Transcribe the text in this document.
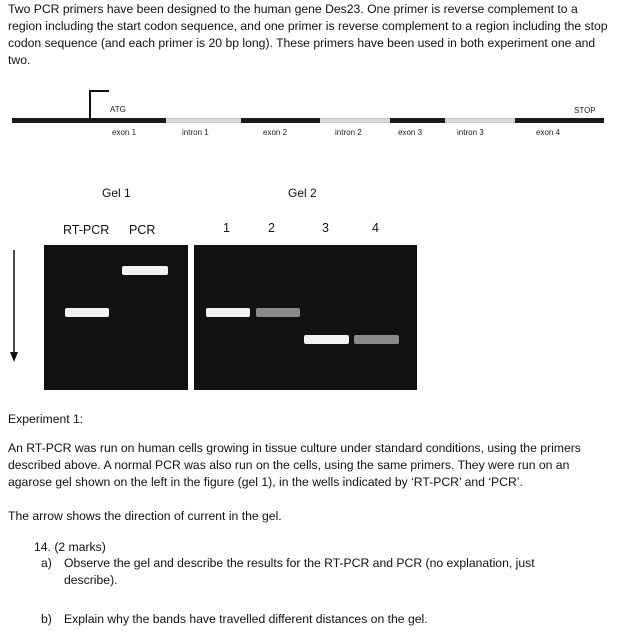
Two PCR primers have been designed to the human gene Des23. One primer is reverse complement to a region including the start codon sequence, and one primer is reverse complement to a region including the stop codon sequence (and each primer is 20 bp long). These primers have been used in both experiment one and two.

ATG	STOP
exon 1	intron 1	exon 2	intron 2	exon 3	intron 3	exon 4
Gel 1	Gel 2
RT-PCR PCR	1	2	3	4
Experiment 1:

An RT-PCR was run on human cells growing in tissue culture under standard conditions, using the primers described above. A normal PCR was also run on the cells, using the same primers. They were run on an agarose gel shown on the left in the figure (gel 1), in the wells indicated by ‘RT-PCR’ and ‘PCR’.

The arrow shows the direction of current in the gel.
14. (2 marks)
a) Observe the gel and describe the results for the RT-PCR and PCR (no explanation, just describe).
b) Explain why the bands have travelled different distances on the gel.
